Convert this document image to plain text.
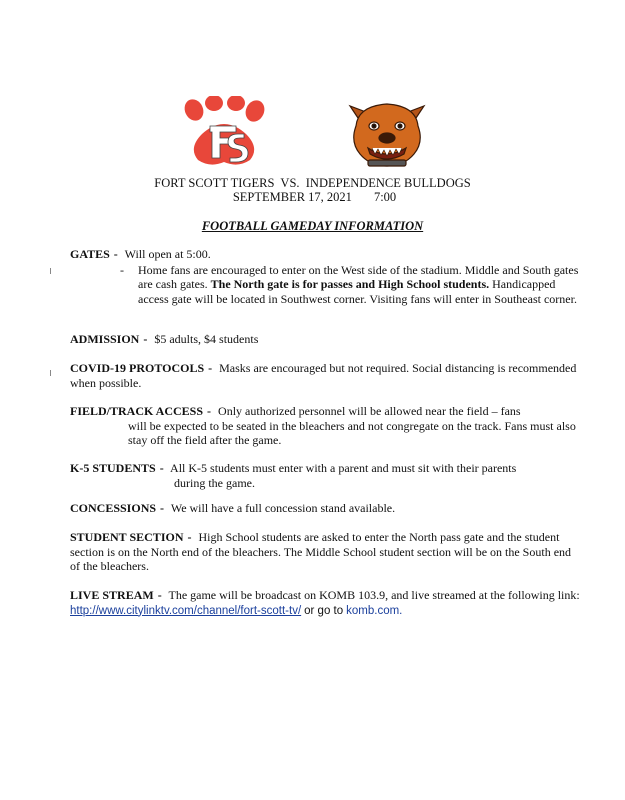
FORT SCOTT TIGERS  VS.  INDEPENDENCE BULLDOGS
SEPTEMBER 17, 2021 7:00
FOOTBALL GAMEDAY INFORMATION
GATES - Will open at 5:00.
-	Home fans are encouraged to enter on the West side of the stadium. Middle and South gates are cash gates. The North gate is for passes and High School students. Handicapped access gate will be located in Southwest corner. Visiting fans will enter in Southeast corner.
ADMISSION - $5 adults, $4 students
COVID-19 PROTOCOLS - Masks are encouraged but not required. Social distancing is recommended when possible.
FIELD/TRACK ACCESS - Only authorized personnel will be allowed near the field – fans
will be expected to be seated in the bleachers and not congregate on the track. Fans must also stay off the field after the game.
K-5 STUDENTS - All K-5 students must enter with a parent and must sit with their parents
during the game.
CONCESSIONS - We will have a full concession stand available.
STUDENT SECTION - High School students are asked to enter the North pass gate and the student section is on the North end of the bleachers. The Middle School student section will be on the South end of the bleachers.
LIVE STREAM - The game will be broadcast on KOMB 103.9, and live streamed at the following link: http://www.citylinktv.com/channel/fort-scott-tv/ or go to komb.com.
